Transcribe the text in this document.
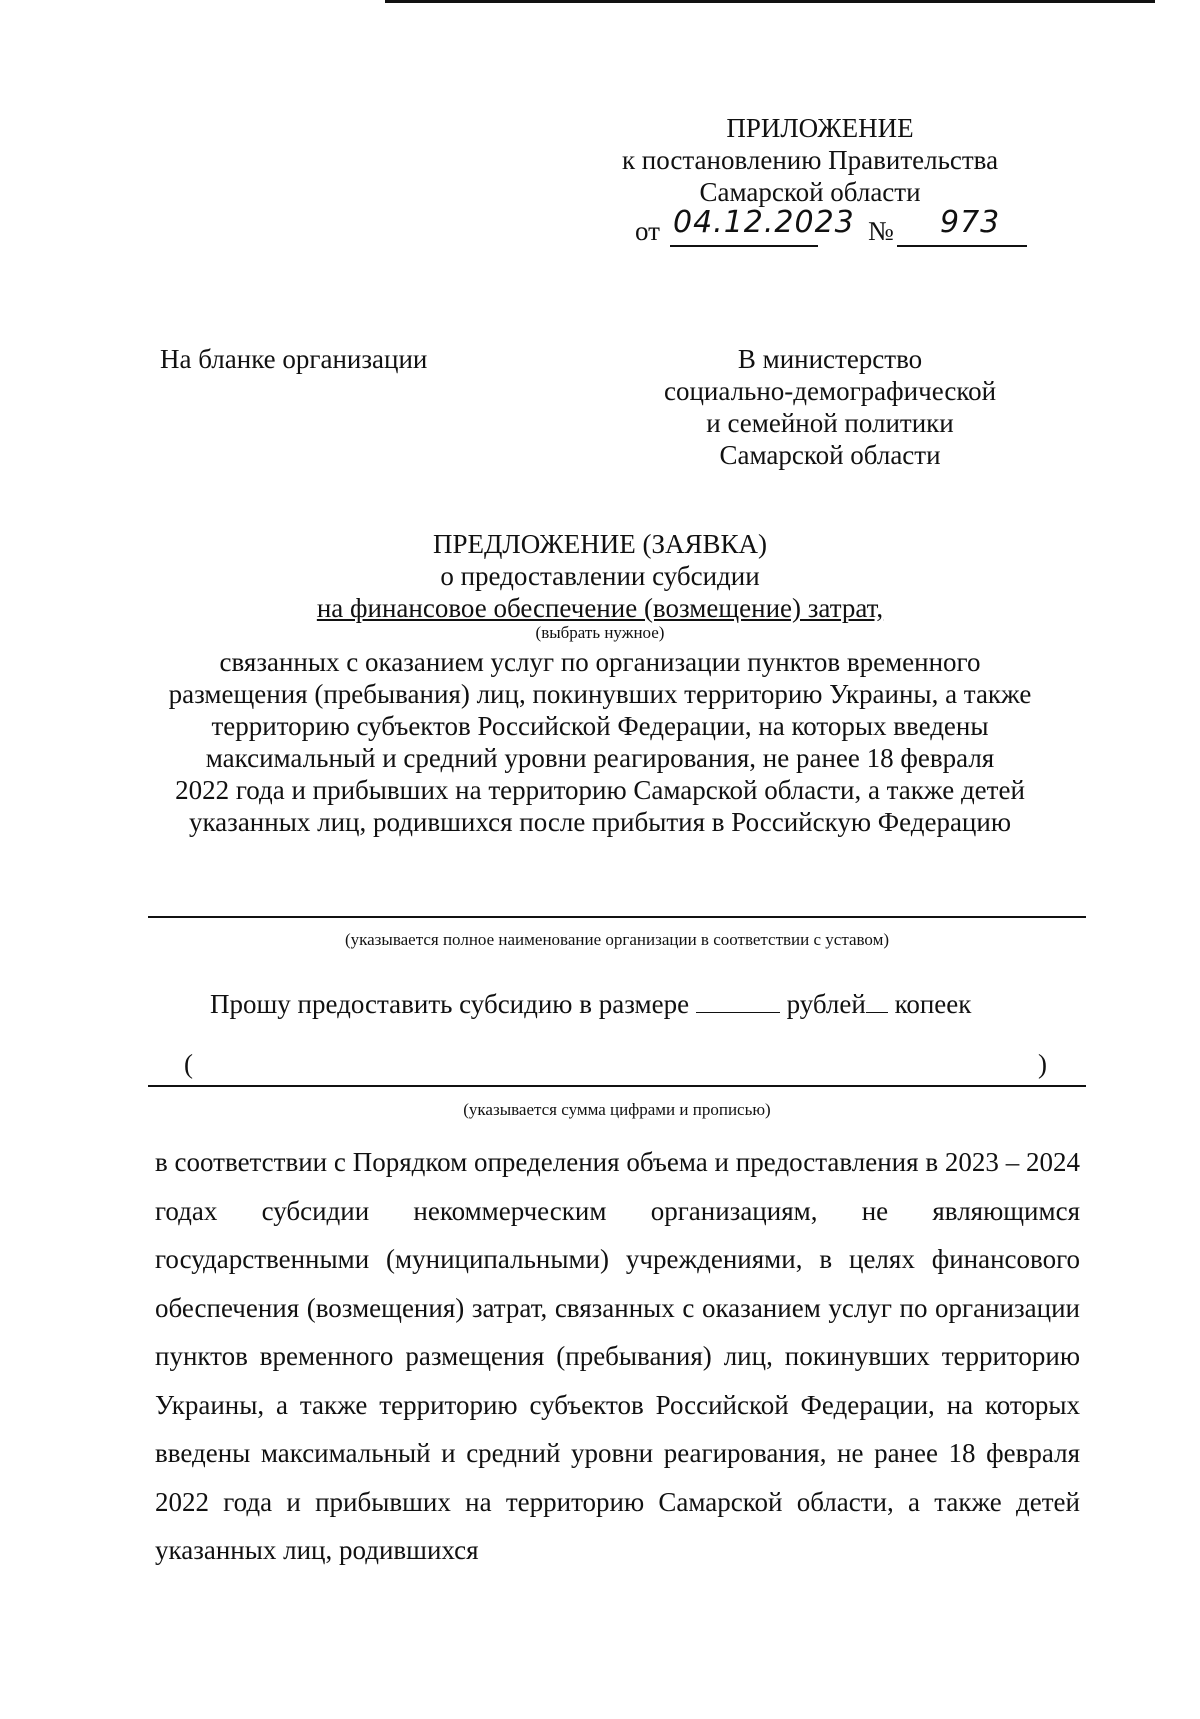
ПРИЛОЖЕНИЕ
к постановлению Правительства
Самарской области
от 04.12.2023 № 973
На бланке организации	В министерство
социально-демографической
и семейной политики
Самарской области
ПРЕДЛОЖЕНИЕ (ЗАЯВКА)
о предоставлении субсидии
на финансовое обеспечение (возмещение) затрат,
(выбрать нужное)
связанных с оказанием услуг по организации пунктов временного
размещения (пребывания) лиц, покинувших территорию Украины, а также
территорию субъектов Российской Федерации, на которых введены
максимальный и средний уровни реагирования, не ранее 18 февраля
2022 года и прибывших на территорию Самарской области, а также детей
указанных лиц, родившихся после прибытия в Российскую Федерацию
(указывается полное наименование организации в соответствии с уставом)
Прошу предоставить субсидию в размере	рублей копеек
(	)
(указывается сумма цифрами и прописью)
в соответствии с Порядком определения объема и предоставления в 2023 – 2024 годах субсидии некоммерческим организациям, не являющимся государственными (муниципальными) учреждениями, в целях финансового обеспечения (возмещения) затрат, связанных с оказанием услуг по организации пунктов временного размещения (пребывания) лиц, покинувших территорию Украины, а также территорию субъектов Российской Федерации, на которых введены максимальный и средний уровни реагирования, не ранее 18 февраля 2022 года и прибывших на территорию Самарской области, а также детей указанных лиц, родившихся
